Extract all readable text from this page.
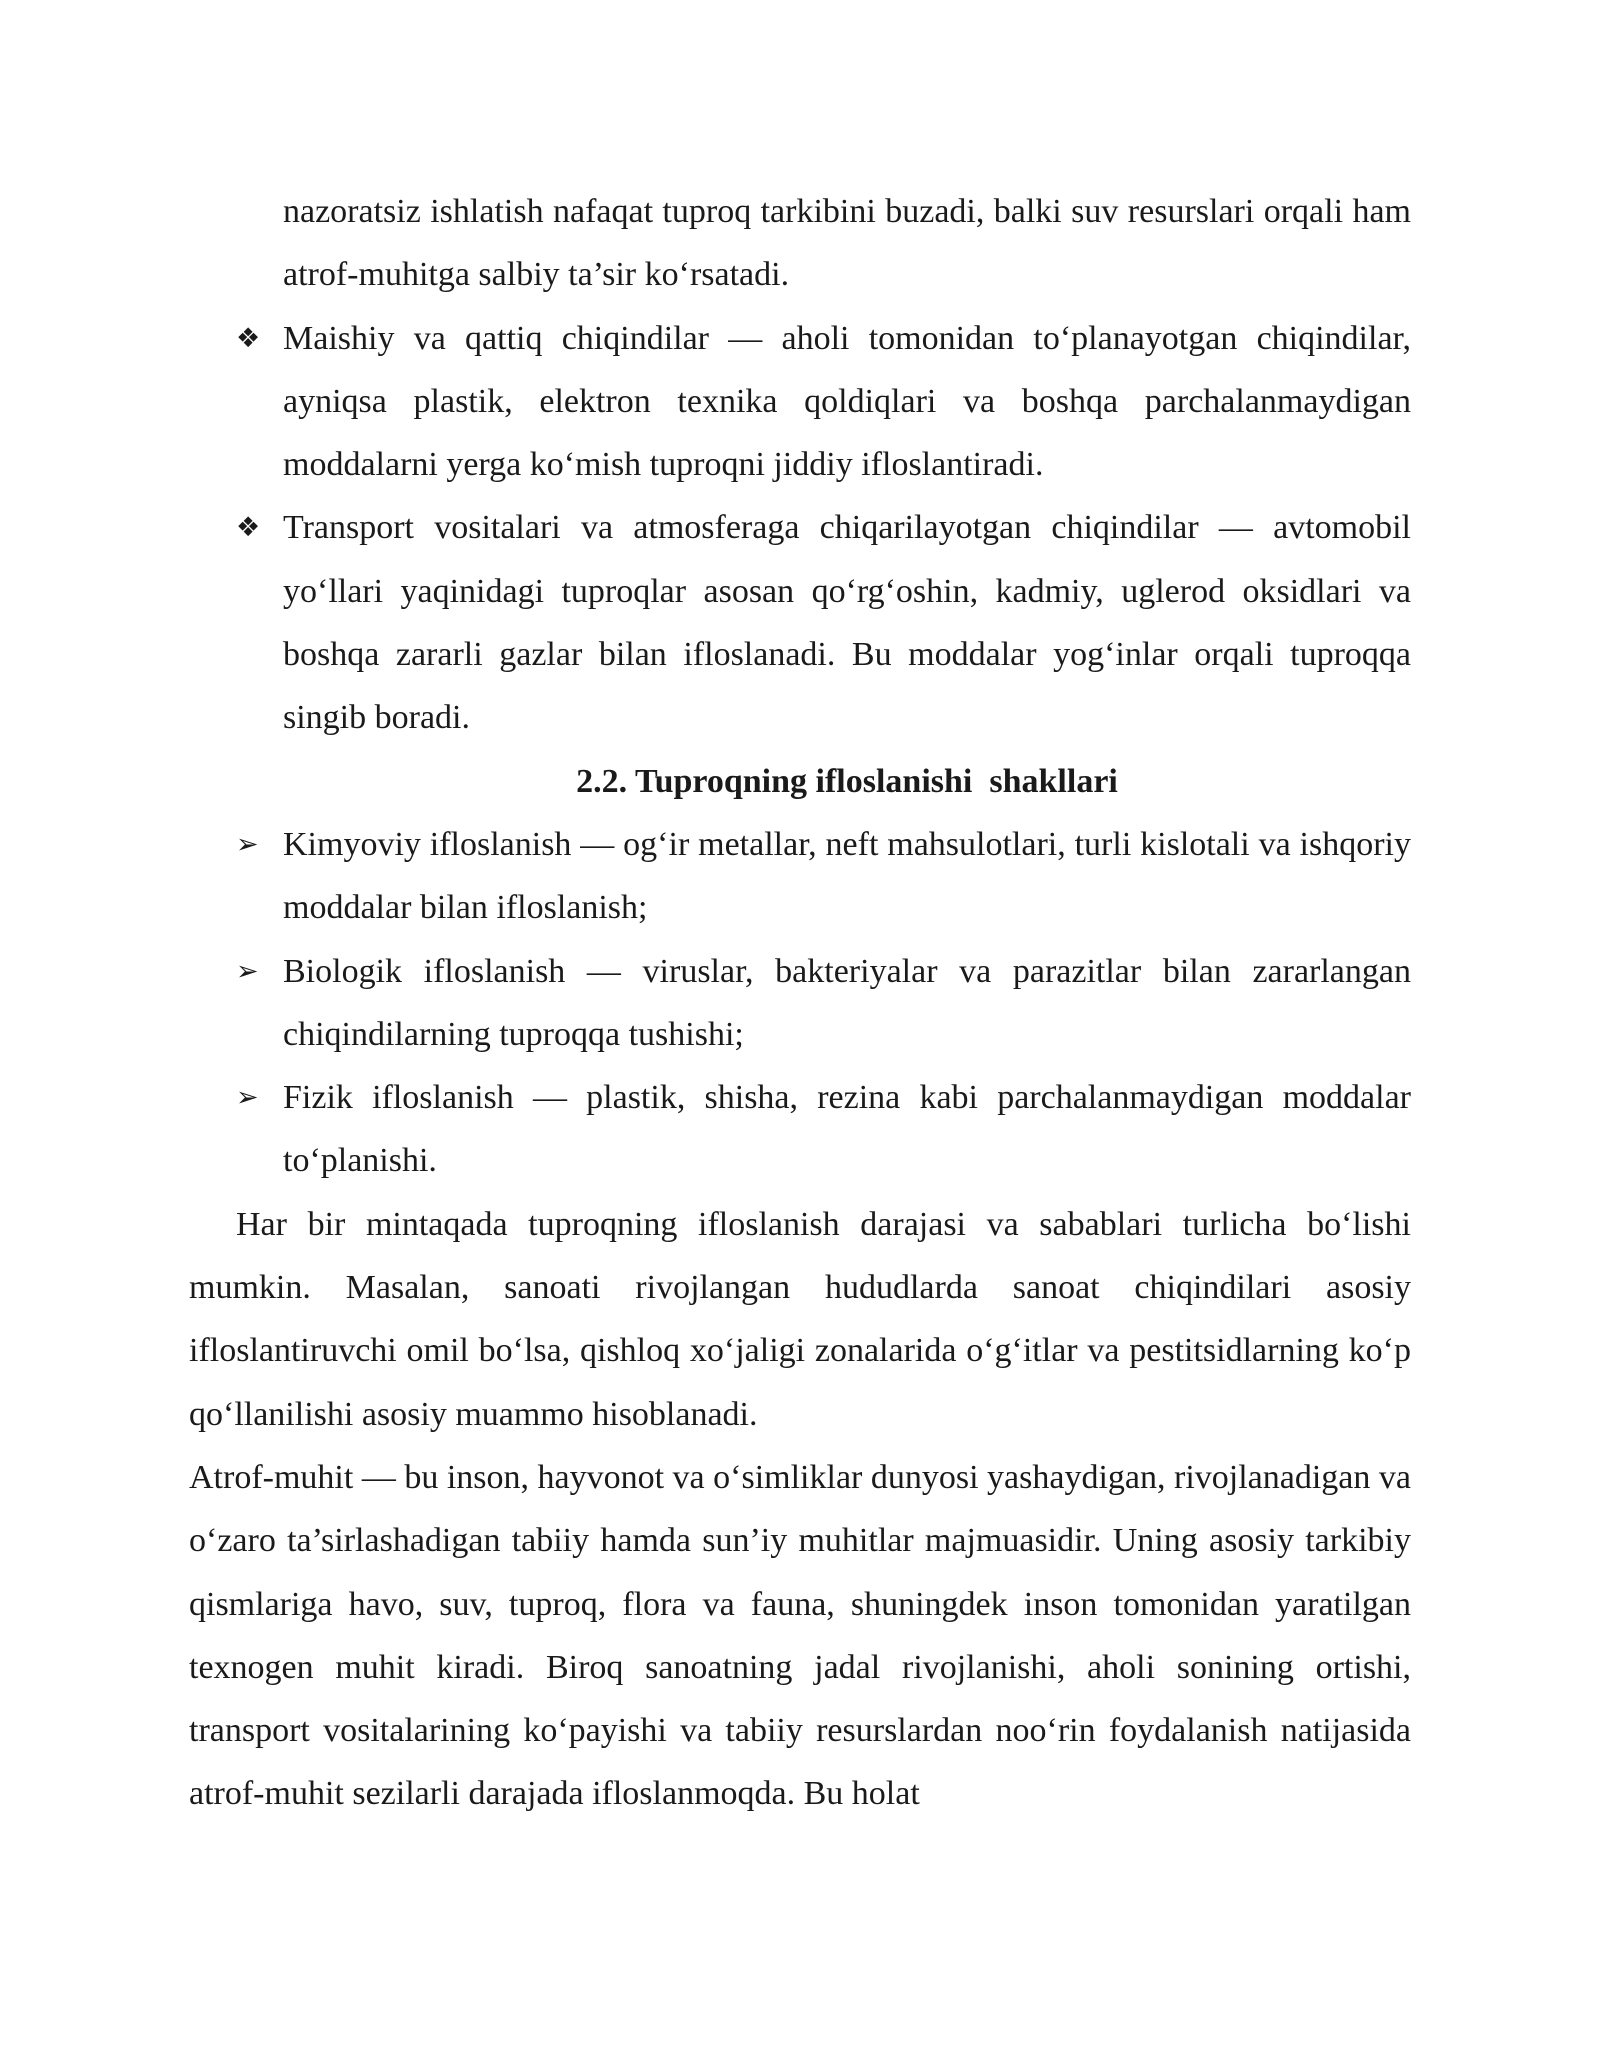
nazoratsiz ishlatish nafaqat tuproq tarkibini buzadi, balki suv resurslari orqali ham atrof-muhitga salbiy ta’sir ko‘rsatadi.

❖ Maishiy va qattiq chiqindilar — aholi tomonidan to‘planayotgan chiqindilar, ayniqsa plastik, elektron texnika qoldiqlari va boshqa parchalanmaydigan moddalarni yerga ko‘mish tuproqni jiddiy ifloslantiradi.
❖ Transport vositalari va atmosferaga chiqarilayotgan chiqindilar — avtomobil yo‘llari yaqinidagi tuproqlar asosan qo‘rg‘oshin, kadmiy, uglerod oksidlari va boshqa zararli gazlar bilan ifloslanadi. Bu moddalar yog‘inlar orqali tuproqqa singib boradi.
2.2. Tuproqning ifloslanishi  shakllari
➢ Kimyoviy ifloslanish — og‘ir metallar, neft mahsulotlari, turli kislotali va ishqoriy moddalar bilan ifloslanish;
➢ Biologik ifloslanish — viruslar, bakteriyalar va parazitlar bilan zararlangan chiqindilarning tuproqqa tushishi;
➢ Fizik ifloslanish — plastik, shisha, rezina kabi parchalanmaydigan moddalar to‘planishi.

Har bir mintaqada tuproqning ifloslanish darajasi va sabablari turlicha bo‘lishi mumkin. Masalan, sanoati rivojlangan hududlarda sanoat chiqindilari asosiy ifloslantiruvchi omil bo‘lsa, qishloq xo‘jaligi zonalarida o‘g‘itlar va pestitsidlarning ko‘p qo‘llanilishi asosiy muammo hisoblanadi.

Atrof-muhit — bu inson, hayvonot va o‘simliklar dunyosi yashaydigan, rivojlanadigan va o‘zaro ta’sirlashadigan tabiiy hamda sun’iy muhitlar majmuasidir. Uning asosiy tarkibiy qismlariga havo, suv, tuproq, flora va fauna, shuningdek inson tomonidan yaratilgan texnogen muhit kiradi. Biroq sanoatning jadal rivojlanishi, aholi sonining ortishi, transport vositalarining ko‘payishi va tabiiy resurslardan noo‘rin foydalanish natijasida atrof-muhit sezilarli darajada ifloslanmoqda. Bu holat
